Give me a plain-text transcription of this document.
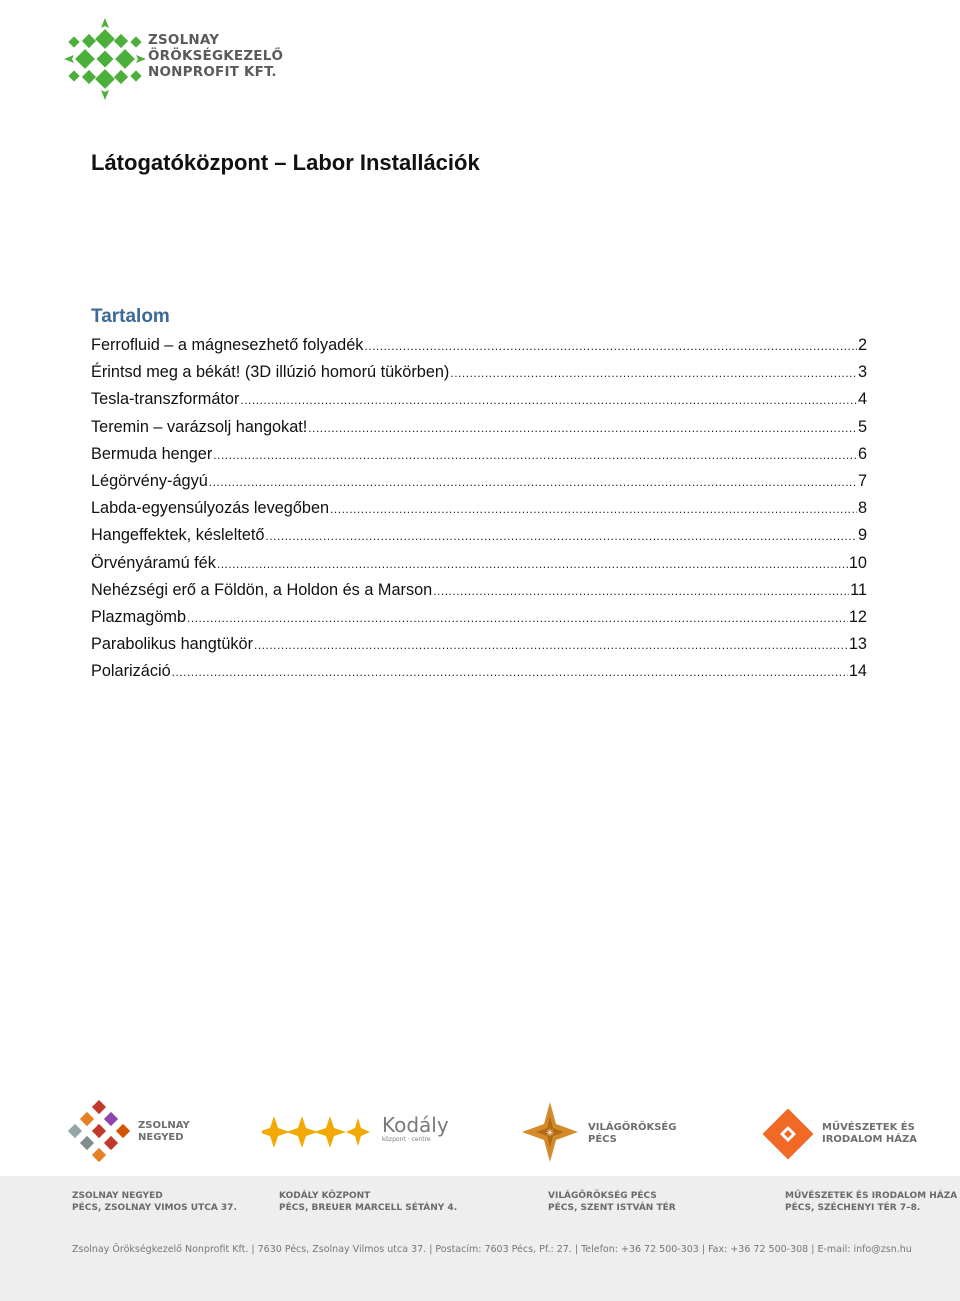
ZSOLNAY
ÖRÖKSÉGKEZELŐ
NONPROFIT KFT.
Látogatóközpont – Labor Installációk
Tartalom
Ferrofluid – a mágnesezhető folyadék .....	2
Érintsd meg a békát! (3D illúzió homorú tükörben) .....	3
Tesla-transzformátor .....	4
Teremin – varázsolj hangokat! .....	5
Bermuda henger .....	6
Légörvény-ágyú .....	7
Labda-egyensúlyozás levegőben .....	8
Hangeffektek, késleltető .....	9
Örvényáramú fék .....	10
Nehézségi erő a Földön, a Holdon és a Marson .....	11
Plazmagömb .....	12
Parabolikus hangtükör .....	13
Polarizáció .....	14
ZSOLNAY
NEGYED
Kodály
központ · centre
✳
VILÁGÖRÖKSÉG
PÉCS
MŰVÉSZETEK ÉS
IRODALOM HÁZA
ZSOLNAY NEGYED
PÉCS, ZSOLNAY VIMOS UTCA 37.
KODÁLY KÖZPONT
PÉCS, BREUER MARCELL SÉTÁNY 4.
VILÁGÖRÖKSÉG PÉCS
PÉCS, SZENT ISTVÁN TÉR
MŰVÉSZETEK ÉS IRODALOM HÁZA
PÉCS, SZÉCHENYI TÉR 7–8.
Zsolnay Örökségkezelő Nonprofit Kft. | 7630 Pécs, Zsolnay Vilmos utca 37. | Postacím: 7603 Pécs, Pf.: 27. | Telefon: +36 72 500-303 | Fax: +36 72 500-308 | E-mail: info@zsn.hu
